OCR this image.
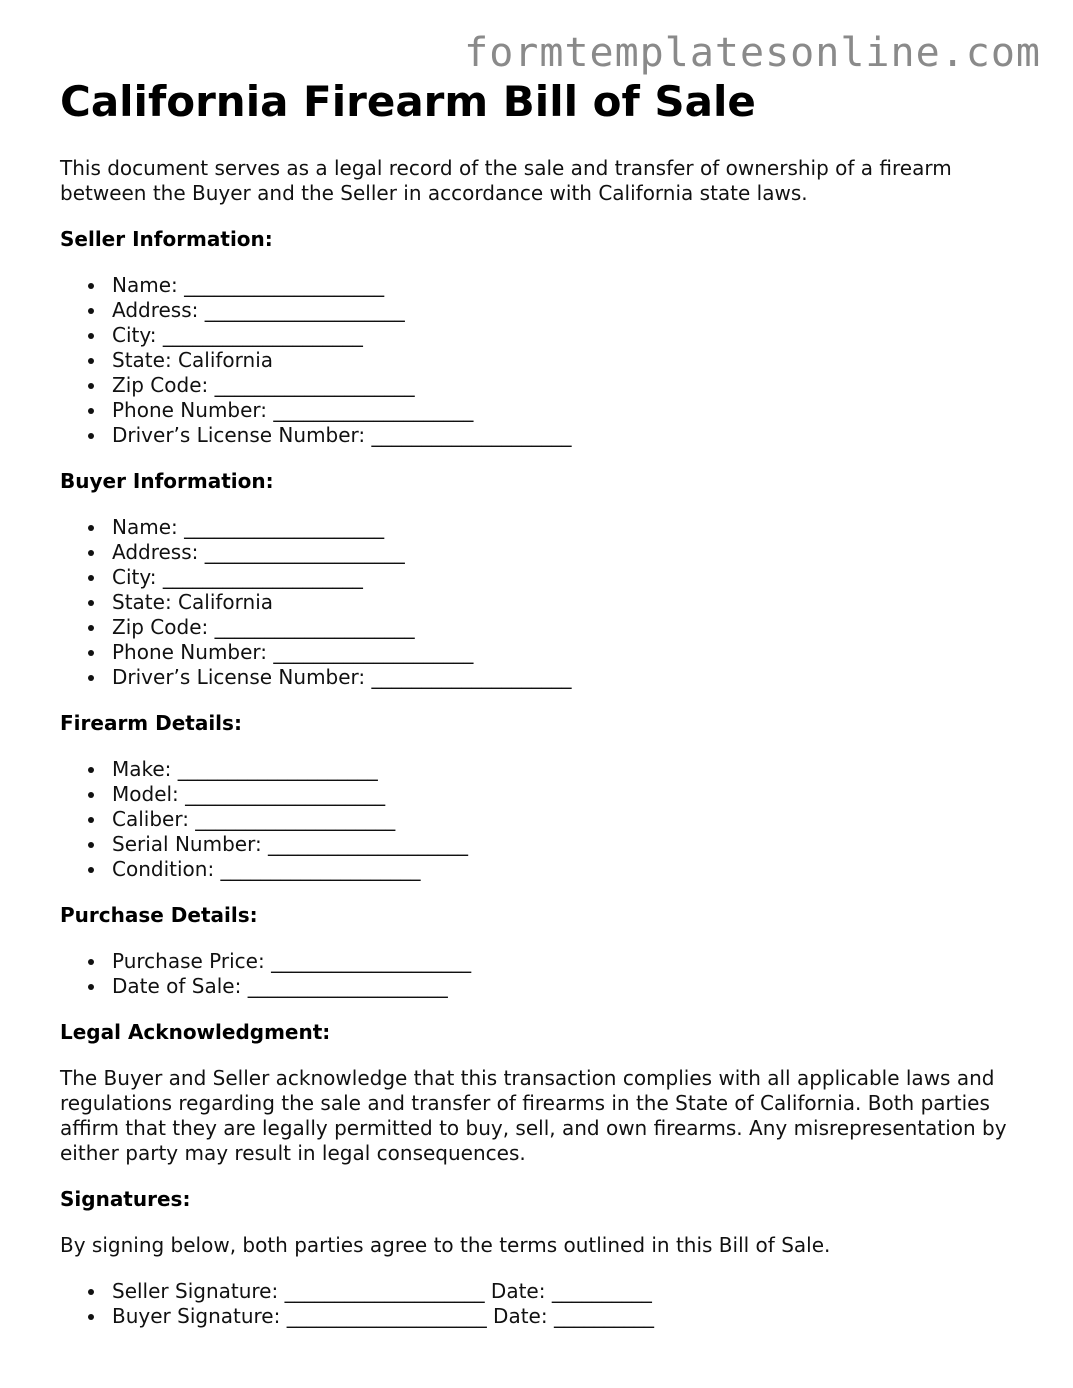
formtemplatesonline.com
California Firearm Bill of Sale

This document serves as a legal record of the sale and transfer of ownership of a firearm between the Buyer and the Seller in accordance with California state laws.

Seller Information:
Name: ____________________
Address: ____________________
City: ____________________
State: California
Zip Code: ____________________
Phone Number: ____________________
Driver’s License Number: ____________________
Buyer Information:
Name: ____________________
Address: ____________________
City: ____________________
State: California
Zip Code: ____________________
Phone Number: ____________________
Driver’s License Number: ____________________
Firearm Details:
Make: ____________________
Model: ____________________
Caliber: ____________________
Serial Number: ____________________
Condition: ____________________
Purchase Details:
Purchase Price: ____________________
Date of Sale: ____________________
Legal Acknowledgment:

The Buyer and Seller acknowledge that this transaction complies with all applicable laws and regulations regarding the sale and transfer of firearms in the State of California. Both parties affirm that they are legally permitted to buy, sell, and own firearms. Any misrepresentation by either party may result in legal consequences.

Signatures:

By signing below, both parties agree to the terms outlined in this Bill of Sale.

Seller Signature: ____________________ Date: __________
Buyer Signature: ____________________ Date: __________
